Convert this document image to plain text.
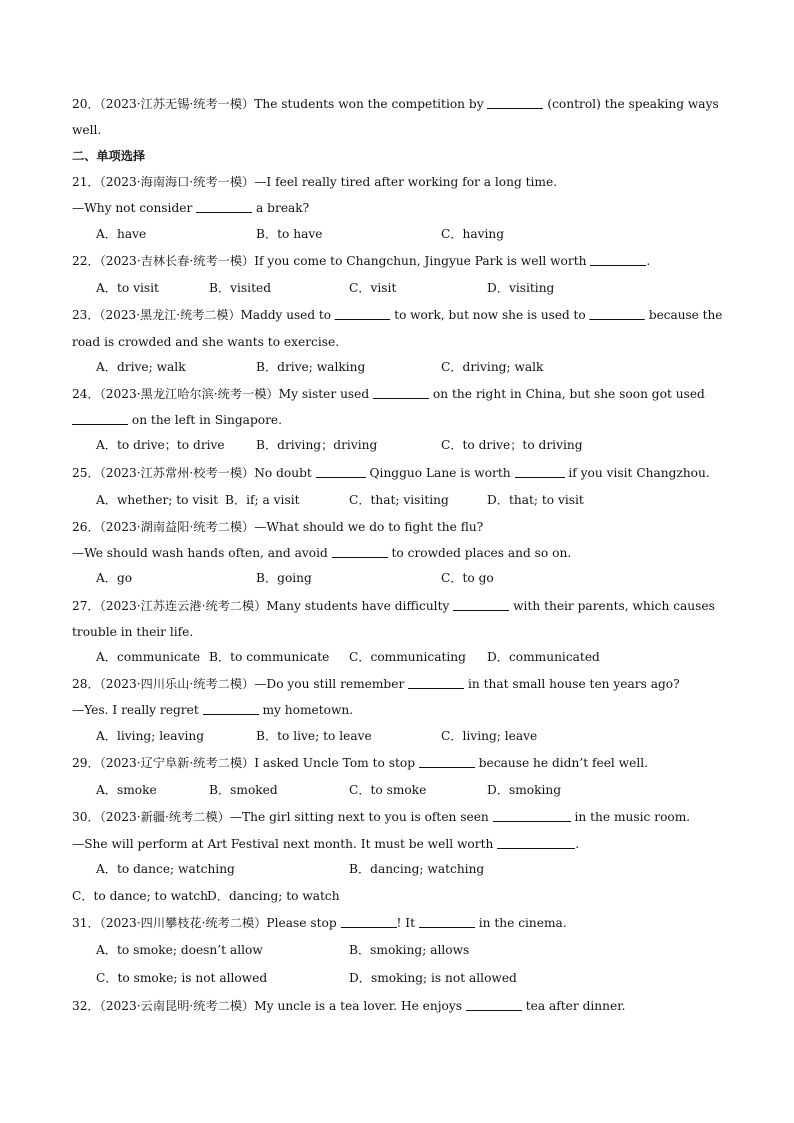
20．（2023·江苏无锡·统考一模）The students won the competition by	(control) the speaking ways
well.
二、单项选择
21．（2023·海南海口·统考一模）—I feel really tired after working for a long time.
—Why not consider	a break?
A．have	B．to have	C．having
22．（2023·吉林长春·统考一模）If you come to Changchun, Jingyue Park is well worth	.
A．to visit	B．visited	C．visit	D．visiting
23．（2023·黑龙江·统考二模）Maddy used to	to work, but now she is used to	because the
road is crowded and she wants to exercise.
A．drive; walk	B．drive; walking	C．driving; walk
24．（2023·黑龙江哈尔滨·统考一模）My sister used	on the right in China, but she soon got used
on the left in Singapore.
A．to drive；to drive	B．driving；driving	C．to drive；to driving
25．（2023·江苏常州·校考一模）No doubt	Qingguo Lane is worth	if you visit Changzhou.
A．whether; to visit B．if; a visit	C．that; visiting	D．that; to visit
26．（2023·湖南益阳·统考二模）—What should we do to fight the flu?
—We should wash hands often, and avoid	to crowded places and so on.
A．go	B．going	C．to go
27．（2023·江苏连云港·统考二模）Many students have difficulty	with their parents, which causes
trouble in their life.
A．communicate B．to communicate C．communicating D．communicated
28．（2023·四川乐山·统考二模）—Do you still remember	in that small house ten years ago?
—Yes. I really regret	my hometown.
A．living; leaving	B．to live; to leave	C．living; leave
29．（2023·辽宁阜新·统考二模）I asked Uncle Tom to stop	because he didn’t feel well.
A．smoke	B．smoked	C．to smoke	D．smoking
30．（2023·新疆·统考二模）—The girl sitting next to you is often seen	in the music room.
—She will perform at Art Festival next month. It must be well worth	.
A．to dance; watching	B．dancing; watching
C．to dance; to watch D．dancing; to watch
31．（2023·四川攀枝花·统考二模）Please stop	! It	in the cinema.
A．to smoke; doesn’t allow	B．smoking; allows
C．to smoke; is not allowed	D．smoking; is not allowed
32．（2023·云南昆明·统考二模）My uncle is a tea lover. He enjoys	tea after dinner.
